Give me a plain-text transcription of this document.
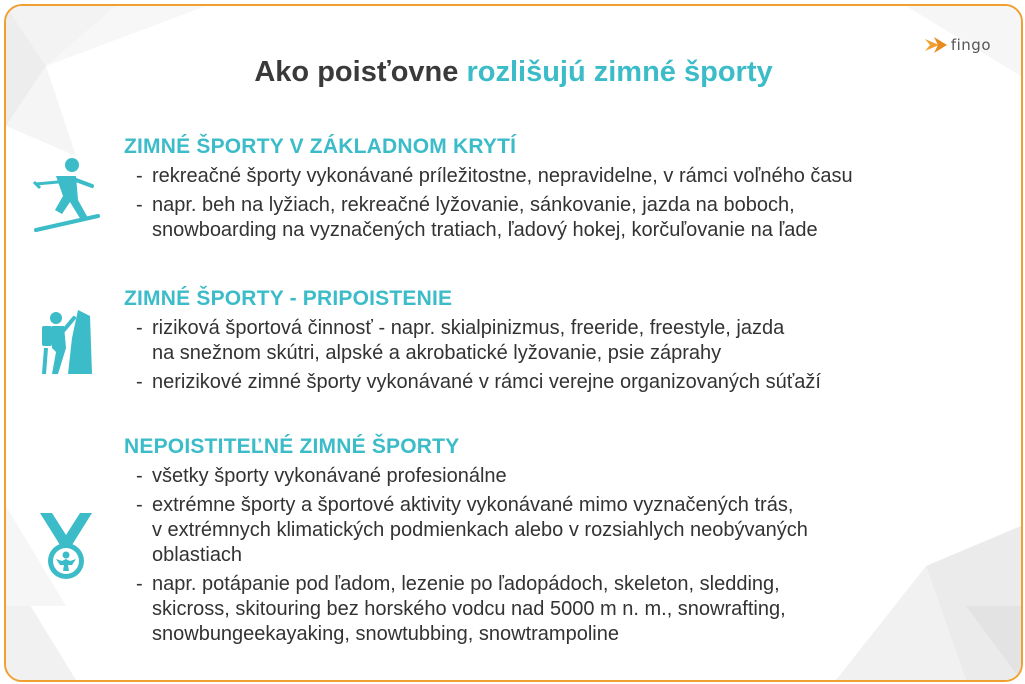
fingo
Ako poisťovne rozlišujú zimné športy
ZIMNÉ ŠPORTY V ZÁKLADNOM KRYTÍ
- rekreačné športy vykonávané príležitostne, nepravidelne, v rámci voľného času
- napr. beh na lyžiach, rekreačné lyžovanie, sánkovanie, jazda na boboch,
snowboarding na vyznačených tratiach, ľadový hokej, korčuľovanie na ľade
ZIMNÉ ŠPORTY - PRIPOISTENIE
- riziková športová činnosť - napr. skialpinizmus, freeride, freestyle, jazda
na snežnom skútri, alpské a akrobatické lyžovanie, psie záprahy
- nerizikové zimné športy vykonávané v rámci verejne organizovaných súťaží
NEPOISTITEĽNÉ ZIMNÉ ŠPORTY
- všetky športy vykonávané profesionálne
- extrémne športy a športové aktivity vykonávané mimo vyznačených trás,
v extrémnych klimatických podmienkach alebo v rozsiahlych neobývaných
oblastiach
- napr. potápanie pod ľadom, lezenie po ľadopádoch, skeleton, sledding,
skicross, skitouring bez horského vodcu nad 5000 m n. m., snowrafting,
snowbungeekayaking, snowtubbing, snowtrampoline
